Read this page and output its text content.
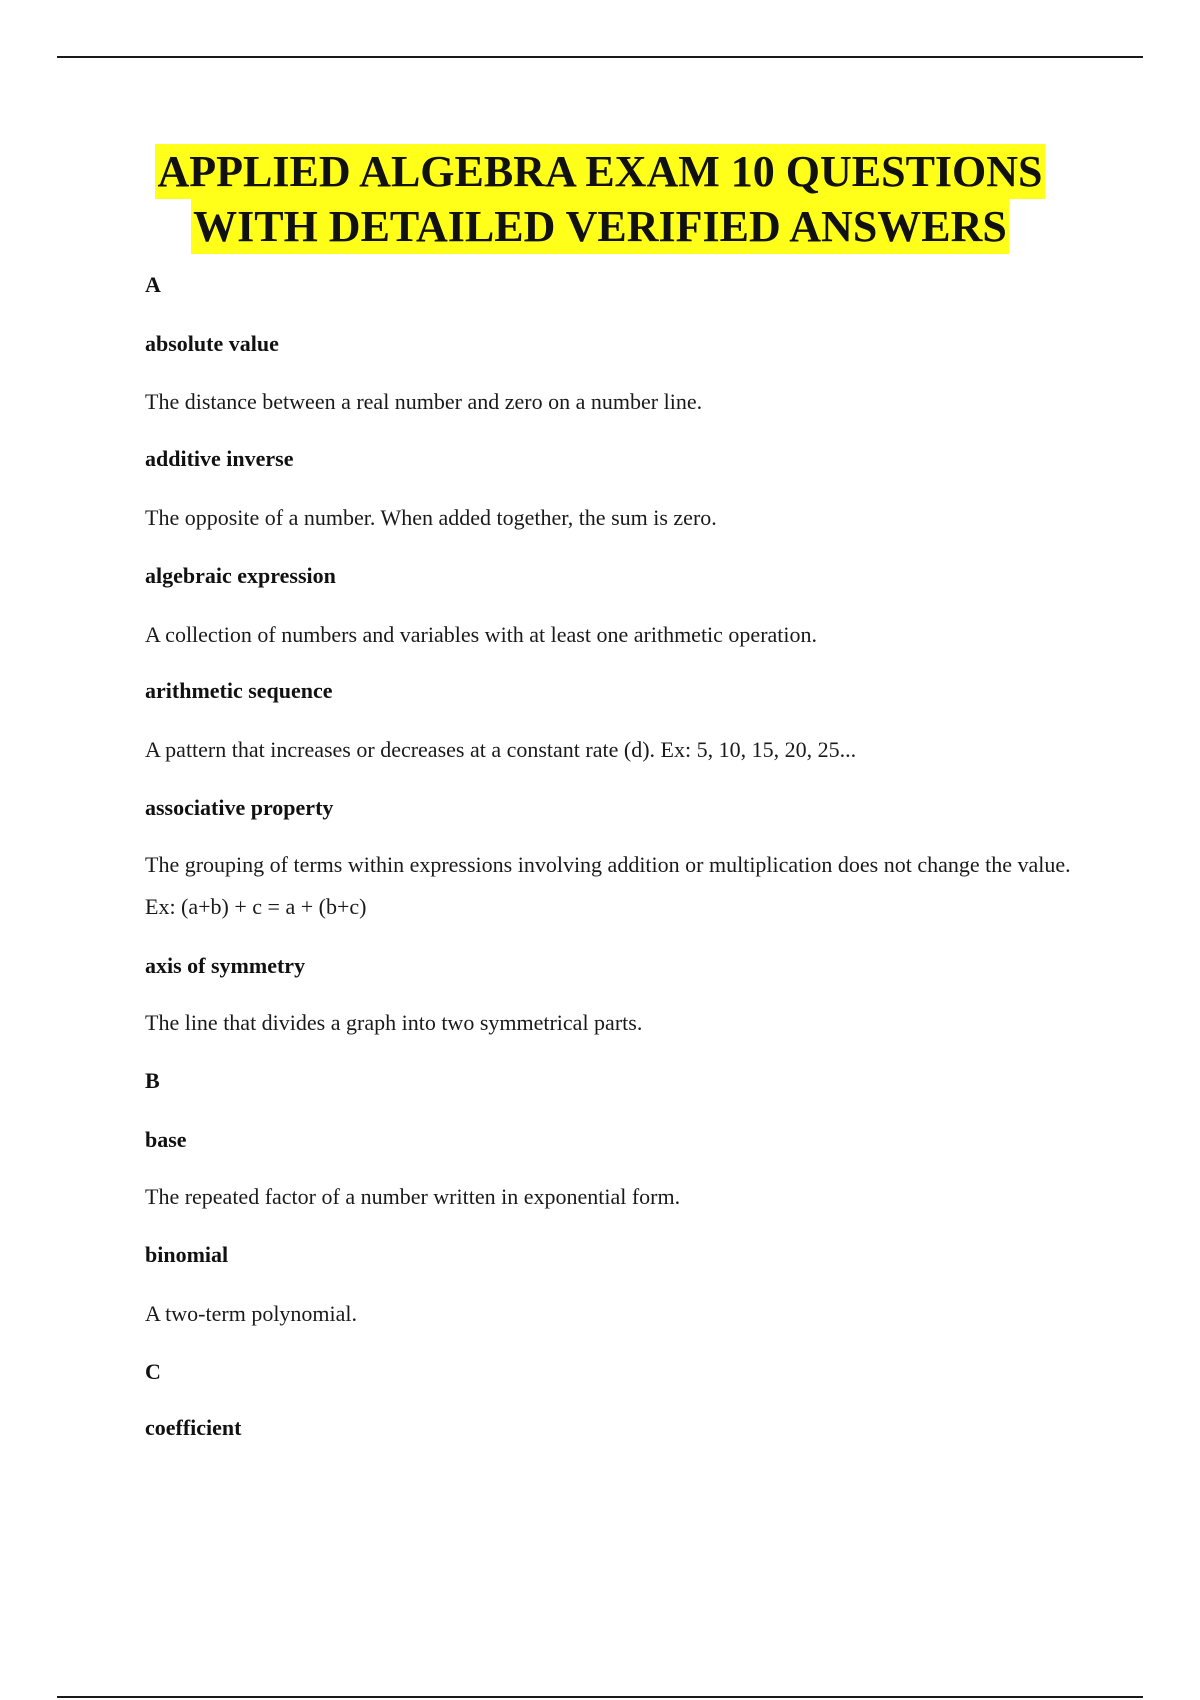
APPLIED ALGEBRA EXAM 10 QUESTIONS
WITH DETAILED VERIFIED ANSWERS
A
absolute value
The distance between a real number and zero on a number line.
additive inverse
The opposite of a number. When added together, the sum is zero.
algebraic expression
A collection of numbers and variables with at least one arithmetic operation.
arithmetic sequence
A pattern that increases or decreases at a constant rate (d). Ex: 5, 10, 15, 20, 25...
associative property
The grouping of terms within expressions involving addition or multiplication does not change the value. Ex: (a+b) + c = a + (b+c)
axis of symmetry
The line that divides a graph into two symmetrical parts.
B
base
The repeated factor of a number written in exponential form.
binomial
A two-term polynomial.
C
coefficient
